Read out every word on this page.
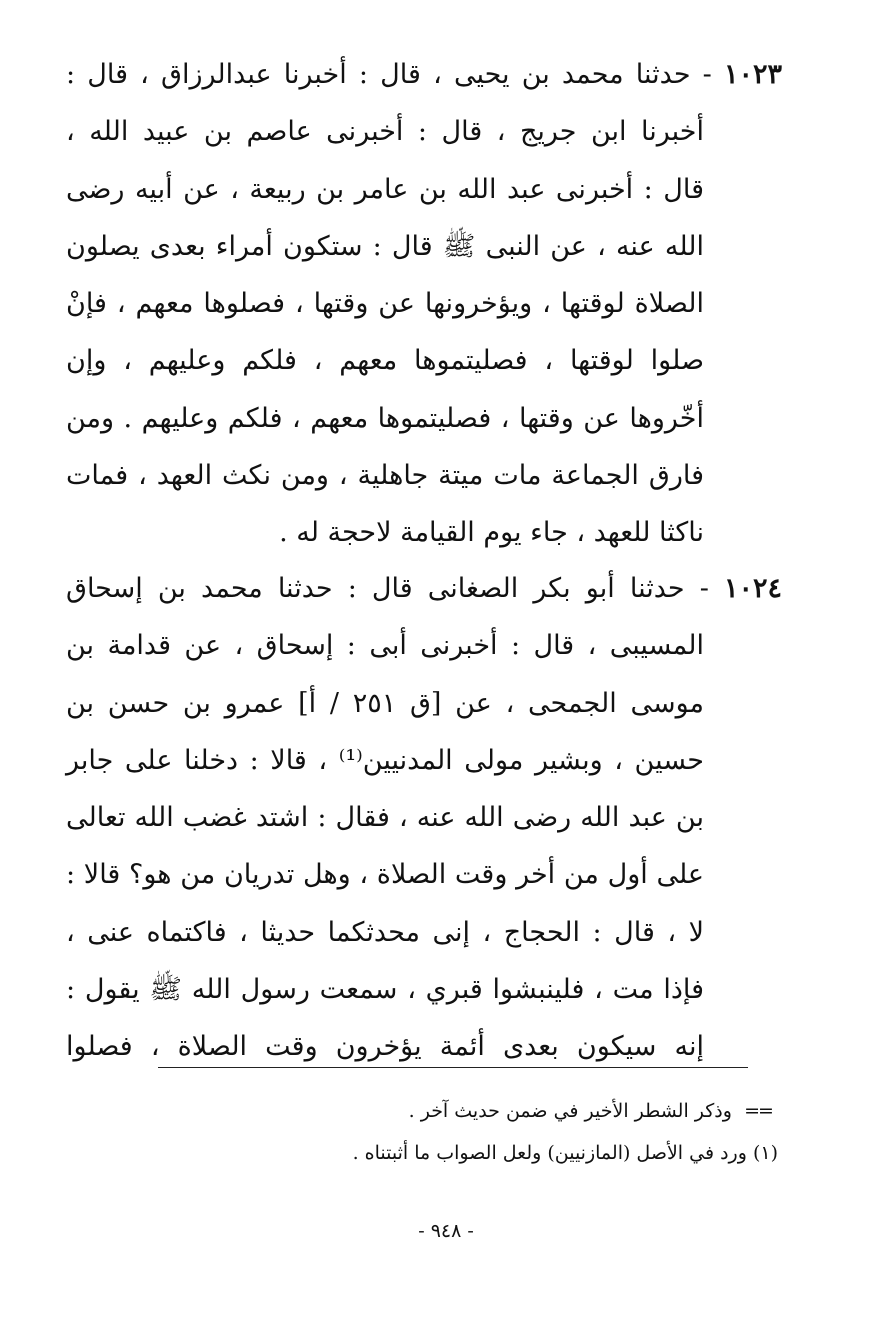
١٠٢٣ - حدثنا محمد بن يحيى ، قال : أخبرنا عبدالرزاق ، قال :
أخبرنا ابن جريج ، قال : أخبرنى عاصم بن عبيد الله ،
قال : أخبرنى عبد الله بن عامر بن ربيعة ، عن أبيه رضى
الله عنه ، عن النبى ﷺ قال : ستكون أمراء بعدى يصلون
الصلاة لوقتها ، ويؤخرونها عن وقتها ، فصلوها معهم ، فإنْ
صلوا لوقتها ، فصليتموها معهم ، فلكم وعليهم ، وإن
أخّروها عن وقتها ، فصليتموها معهم ، فلكم وعليهم . ومن
فارق الجماعة مات ميتة جاهلية ، ومن نكث العهد ، فمات
ناكثا للعهد ، جاء يوم القيامة لاحجة له .
١٠٢٤ - حدثنا أبو بكر الصغانى قال : حدثنا محمد بن إسحاق
المسيبى ، قال : أخبرنى أبى : إسحاق ، عن قدامة بن
موسى الجمحى ، عن [ق ٢٥١ / أ] عمرو بن حسن بن
حسين ، وبشير مولى المدنيين⁽¹⁾ ، قالا : دخلنا على جابر
بن عبد الله رضى الله عنه ، فقال : اشتد غضب الله تعالى
على أول من أخر وقت الصلاة ، وهل تدريان من هو؟ قالا :
لا ، قال : الحجاج ، إنى محدثكما حديثا ، فاكتماه عنى ،
فإذا مت ، فلينبشوا قبري ، سمعت رسول الله ﷺ يقول :
إنه سيكون بعدى أئمة يؤخرون وقت الصلاة ، فصلوا
== وذكر الشطر الأخير في ضمن حديث آخر .
(١) ورد في الأصل (المازنيين) ولعل الصواب ما أثبتناه .
- ٩٤٨ -
